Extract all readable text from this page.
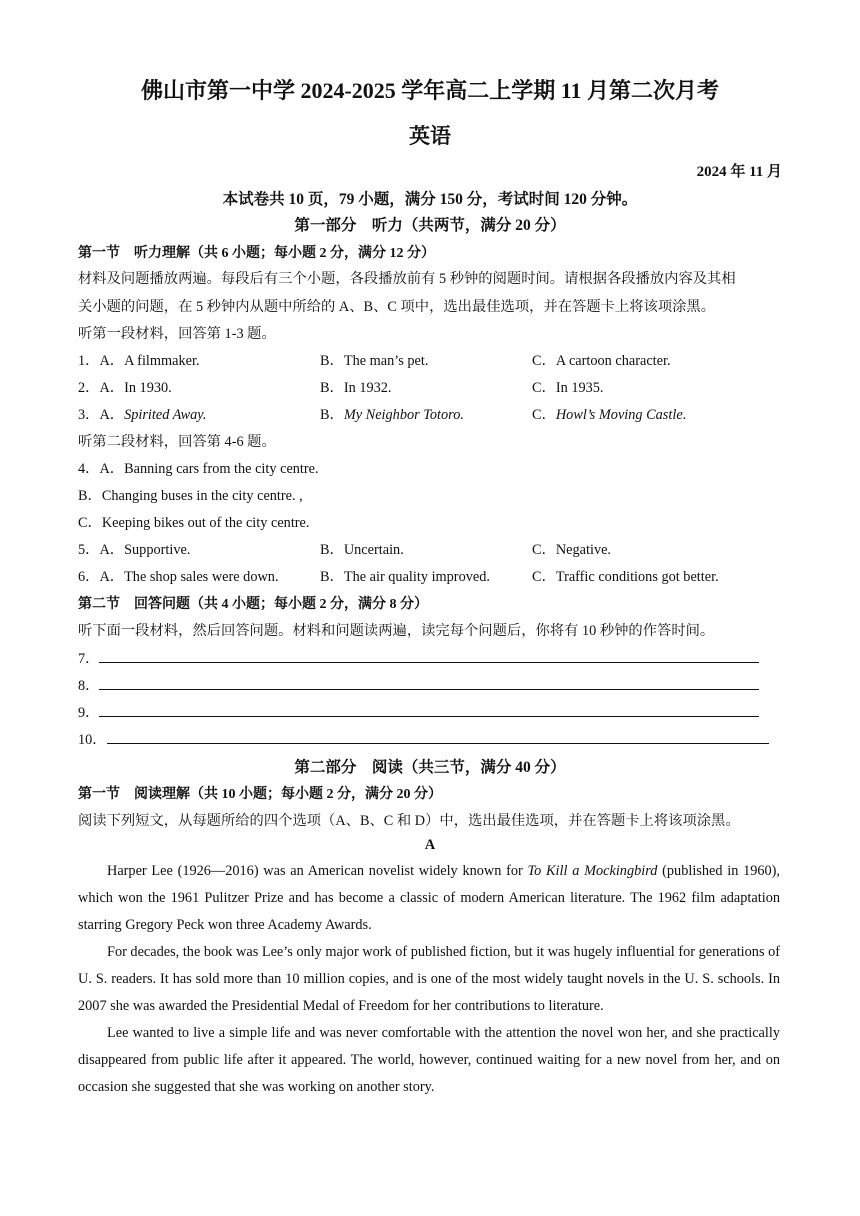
佛山市第一中学 2024-2025 学年高二上学期 11 月第二次月考
英语
2024 年 11 月
本试卷共 10 页，79 小题，满分 150 分，考试时间 120 分钟。
第一部分　听力（共两节，满分 20 分）
第一节　听力理解（共 6 小题；每小题 2 分，满分 12 分）
材料及问题播放两遍。每段后有三个小题，各段播放前有 5 秒钟的阅题时间。请根据各段播放内容及其相
关小题的问题，在 5 秒钟内从题中所给的 A、B、C 项中，选出最佳选项，并在答题卡上将该项涂黑。
听第一段材料，回答第 1-3 题。
1．A．A filmmaker.	B．The man’s pet.	C．A cartoon character.
2．A．In 1930.	B．In 1932.	C．In 1935.
3．A．Spirited Away.	B．My Neighbor Totoro.	C．Howl’s Moving Castle.
听第二段材料，回答第 4-6 题。
4．A．Banning cars from the city centre.
B．Changing buses in the city centre. ,
C．Keeping bikes out of the city centre.
5．A．Supportive.	B．Uncertain.	C．Negative.
6．A．The shop sales were down.	B．The air quality improved.	C．Traffic conditions got better.
第二节　回答问题（共 4 小题；每小题 2 分，满分 8 分）
听下面一段材料，然后回答问题。材料和问题读两遍，读完每个问题后，你将有 10 秒钟的作答时间。
7．
8．
9．
10．
第二部分　阅读（共三节，满分 40 分）
第一节　阅读理解（共 10 小题；每小题 2 分，满分 20 分）
阅读下列短文，从每题所给的四个选项（A、B、C 和 D）中，选出最佳选项，并在答题卡上将该项涂黑。
A

Harper Lee (1926—2016) was an American novelist widely known for To Kill a Mockingbird (published in 1960), which won the 1961 Pulitzer Prize and has become a classic of modern American literature. The 1962 film adaptation starring Gregory Peck won three Academy Awards.

For decades, the book was Lee’s only major work of published fiction, but it was hugely influential for generations of U. S. readers. It has sold more than 10 million copies, and is one of the most widely taught novels in the U. S. schools. In 2007 she was awarded the Presidential Medal of Freedom for her contributions to literature.

Lee wanted to live a simple life and was never comfortable with the attention the novel won her, and she practically disappeared from public life after it appeared. The world, however, continued waiting for a new novel from her, and on occasion she suggested that she was working on another story.
